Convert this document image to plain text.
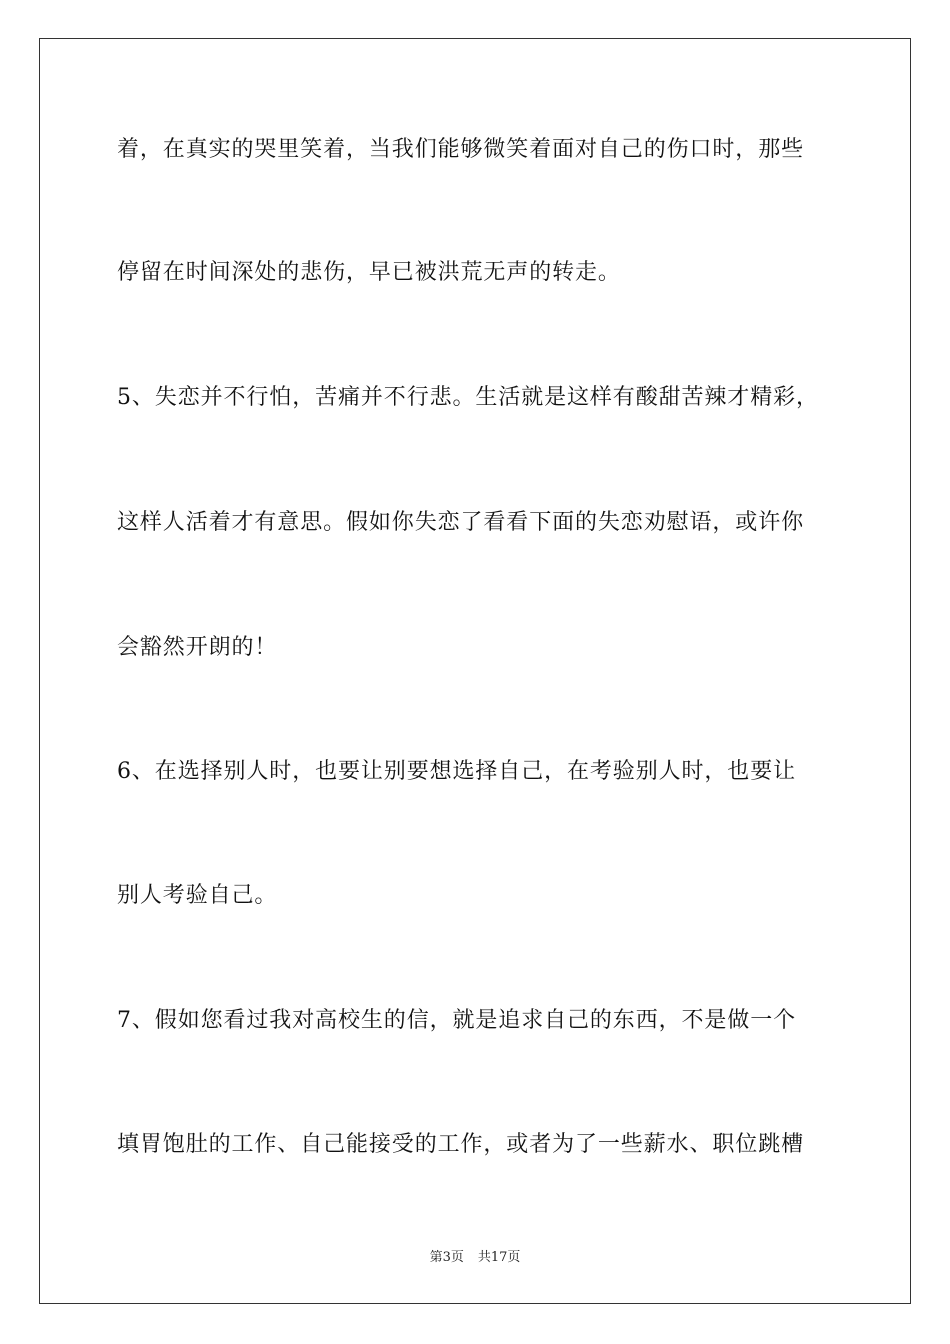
着，在真实的哭里笑着，当我们能够微笑着面对自己的伤口时，那些
停留在时间深处的悲伤，早已被洪荒无声的转走。
5、失恋并不行怕，苦痛并不行悲。生活就是这样有酸甜苦辣才精彩，
这样人活着才有意思。假如你失恋了看看下面的失恋劝慰语，或许你
会豁然开朗的！
6、在选择别人时，也要让别要想选择自己，在考验别人时，也要让
别人考验自己。
7、假如您看过我对高校生的信，就是追求自己的东西，不是做一个
填胃饱肚的工作、自己能接受的工作，或者为了一些薪水、职位跳槽
第3页 共17页
